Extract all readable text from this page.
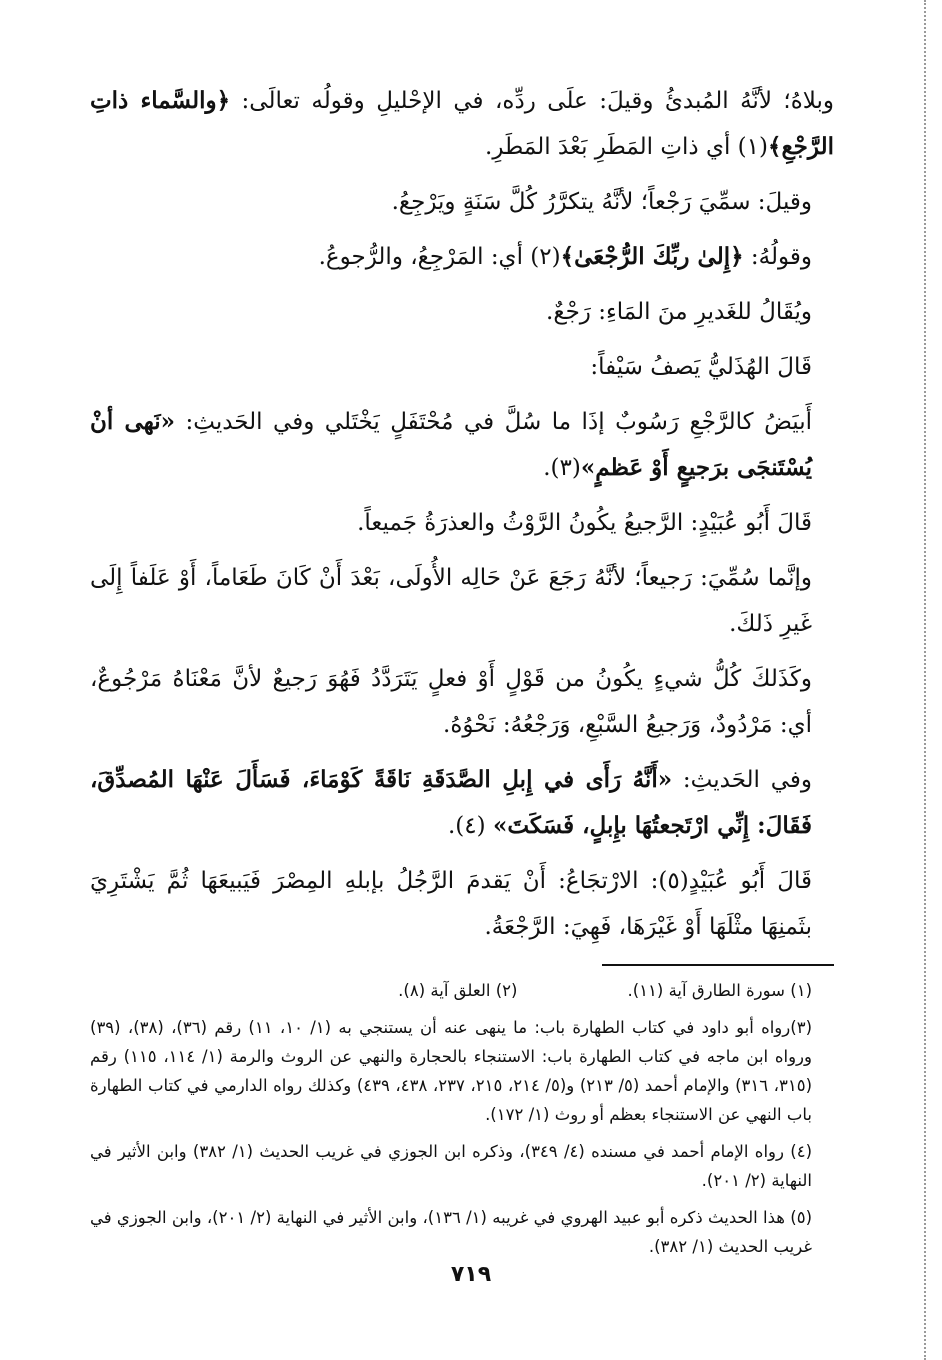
وبلاهُ؛ لأنَّهُ المُبدئُ وقيلَ: علَى ردِّه، في الإحْليلِ وقولُه تعالَى: ﴿والسَّماء ذاتِ الرَّجْعِ﴾(١) أي ذاتِ المَطَرِ بَعْدَ المَطَرِ.

وقيلَ: سمِّيَ رَجْعاً؛ لأنَّهُ يتكرَّرُ كُلَّ سَنَةٍ ويَرْجِعُ.

وقولُهُ: ﴿إِلىٰ ربِّكَ الرُّجْعَىٰ﴾(٢) أي: المَرْجِعُ، والرُّجوعُ.

ويُقَالُ للغَديرِ منَ المَاءِ: رَجْعٌ.

قَالَ الهُذَليُّ يَصفُ سَيْفاً:

أَبيَضُ كالرَّجْعِ رَسُوبٌ إذَا ما سُلَّ في مُحْتَفَلٍ يَخْتَلي وفي الحَديثِ: «نَهى أنْ يُسْتَنجَى برَجيعٍ أَوْ عَظمٍ»(٣).

قَالَ أَبُو عُبَيْدٍ: الرَّجيعُ يكُونُ الرَّوْثُ والعذرَةُ جَميعاً.

وإنَّما سُمِّيَ: رَجيعاً؛ لأنَّهُ رَجَعَ عَنْ حَالِه الأُولَى، بَعْدَ أَنْ كَانَ طَعَاماً، أَوْ عَلَفاً إِلَى غَيرِ ذَلكَ.

وكَذَلكَ كُلُّ شيءٍ يكُونُ من قَوْلٍ أَوْ فعلٍ يَتَرَدَّدُ فَهُوَ رَجيعٌ لأنَّ مَعْنَاهُ مَرْجُوعٌ، أي: مَرْدُودٌ، وَرَجيعُ السَّبْعِ، وَرَجْعُهُ: نَحْوُهُ.

وفي الحَديثِ: «أَنَّهُ رَأَى في إِبلِ الصَّدَقَةِ نَاقَةً كَوْمَاءَ، فَسَأَلَ عَنْهَا المُصدِّقَ، فَقَالَ: إِنِّي ارْتَجعتُهَا بإِبلٍ، فَسَكَتَ» (٤).

قَالَ أَبُو عُبَيْدٍ(٥): الارْتجَاعُ: أَنْ يَقدمَ الرَّجُلُ بإبلهِ المِصْرَ فَيَبيعَهَا ثُمَّ يَشْتَرِيَ بثَمنِهَا مثْلَهَا أَوْ غَيْرَهَا، فَهِيَ: الرَّجْعَةُ.

(١) سورة الطارق آية (١١).
(٢) العلق آية (٨).

(٣)رواه أبو داود في كتاب الطهارة باب: ما ينهى عنه أن يستنجي به (١/ ١٠، ١١) رقم (٣٦)، (٣٨)، (٣٩) ورواه ابن ماجه في كتاب الطهارة باب: الاستنجاء بالحجارة والنهي عن الروث والرمة (١/ ١١٤، ١١٥) رقم (٣١٥، ٣١٦) والإمام أحمد (٥/ ٢١٣) و(٥/ ٢١٤، ٢١٥، ٢٣٧، ٤٣٨، ٤٣٩) وكذلك رواه الدارمي في كتاب الطهارة باب النهي عن الاستنجاء بعظم أو روث (١/ ١٧٢).

(٤) رواه الإمام أحمد في مسنده (٤/ ٣٤٩)، وذكره ابن الجوزي في غريب الحديث (١/ ٣٨٢) وابن الأثير في النهاية (٢/ ٢٠١).

(٥) هذا الحديث ذكره أبو عبيد الهروي في غريبه (١/ ١٣٦)، وابن الأثير في النهاية (٢/ ٢٠١)، وابن الجوزي في غريب الحديث (١/ ٣٨٢).

٧١٩
